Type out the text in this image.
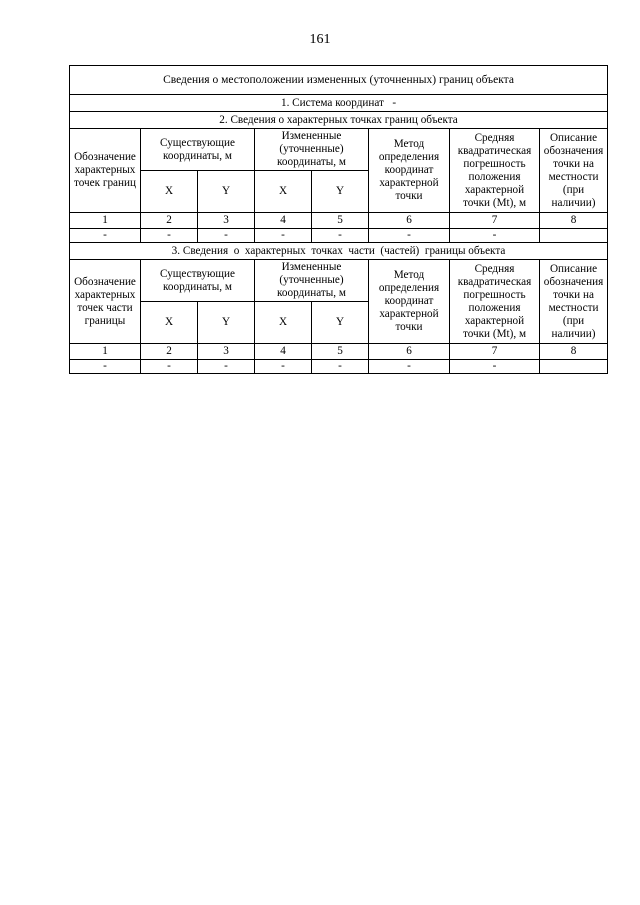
161
Сведения о местоположении измененных (уточненных) границ объекта							
1. Система координат   -							
2. Сведения о характерных точках границ объекта							
Обозначение характерных точек границ	Существующие координаты, м		Измененные (уточненные) координаты, м		Метод определения координат характерной точки	Средняя квадратическая погрешность положения характерной точки (Mt), м	Описание обозначения точки на местности (при наличии)
	X	Y	X	Y			
1	2	3	4	5	6	7	8
-	-	-	-	-	-	-	
3. Сведения  о  характерных  точках  части  (частей)  границы объекта							
Обозначение характерных точек части границы	Существующие координаты, м		Измененные (уточненные) координаты, м		Метод определения координат характерной точки	Средняя квадратическая погрешность положения характерной точки (Mt), м	Описание обозначения точки на местности (при наличии)
	X	Y	X	Y			
1	2	3	4	5	6	7	8
-	-	-	-	-	-	-	
